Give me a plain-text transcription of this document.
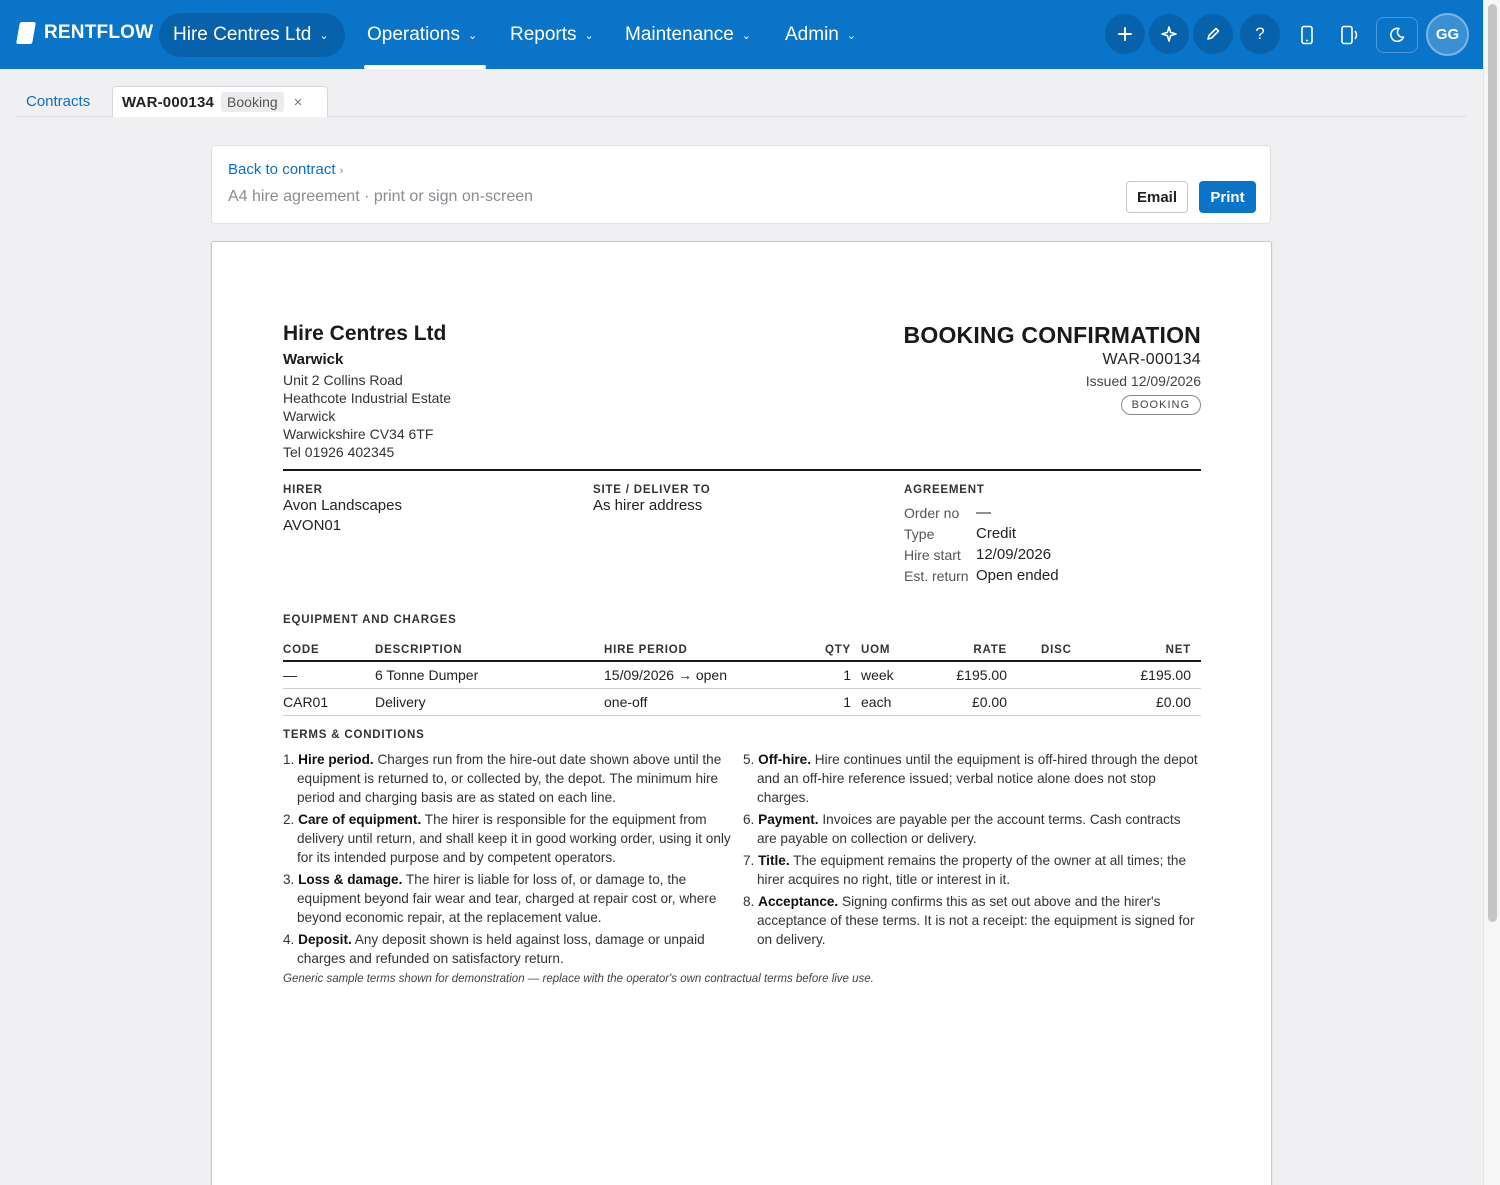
RENTFLOW Hire Centres Ltd ⌄ Operations ⌄ Reports ⌄ Maintenance ⌄ Admin ⌄	?	GG
Contracts WAR-000134 Booking	×
Back to contract ›
A4 hire agreement · print or sign on-screen	Email	Print
Hire Centres Ltd
Warwick
Unit 2 Collins Road
Heathcote Industrial Estate
Warwick
Warwickshire CV34 6TF
Tel 01926 402345
BOOKING CONFIRMATION
WAR-000134
Issued 12/09/2026
BOOKING
HIRER
Avon Landscapes
AVON01
SITE / DELIVER TO
As hirer address
AGREEMENT
Order no	—
Type	Credit
Hire start	12/09/2026
Est. return	Open ended
EQUIPMENT AND CHARGES
CODE	DESCRIPTION	HIRE PERIOD	QTY	UOM	RATE	DISC	NET
—	6 Tonne Dumper	15/09/2026 → open	1	week	£195.00		£195.00
CAR01	Delivery	one-off	1	each	£0.00		£0.00
TERMS & CONDITIONS
1. Hire period. Charges run from the hire-out date shown above until the equipment is returned to, or collected by, the depot. The minimum hire period and charging basis are as stated on each line.
2. Care of equipment. The hirer is responsible for the equipment from delivery until return, and shall keep it in good working order, using it only for its intended purpose and by competent operators.
3. Loss & damage. The hirer is liable for loss of, or damage to, the equipment beyond fair wear and tear, charged at repair cost or, where beyond economic repair, at the replacement value.
4. Deposit. Any deposit shown is held against loss, damage or unpaid charges and refunded on satisfactory return.
5. Off-hire. Hire continues until the equipment is off-hired through the depot and an off-hire reference issued; verbal notice alone does not stop charges.
6. Payment. Invoices are payable per the account terms. Cash contracts are payable on collection or delivery.
7. Title. The equipment remains the property of the owner at all times; the hirer acquires no right, title or interest in it.
8. Acceptance. Signing confirms this as set out above and the hirer's acceptance of these terms. It is not a receipt: the equipment is signed for on delivery.
Generic sample terms shown for demonstration — replace with the operator's own contractual terms before live use.
